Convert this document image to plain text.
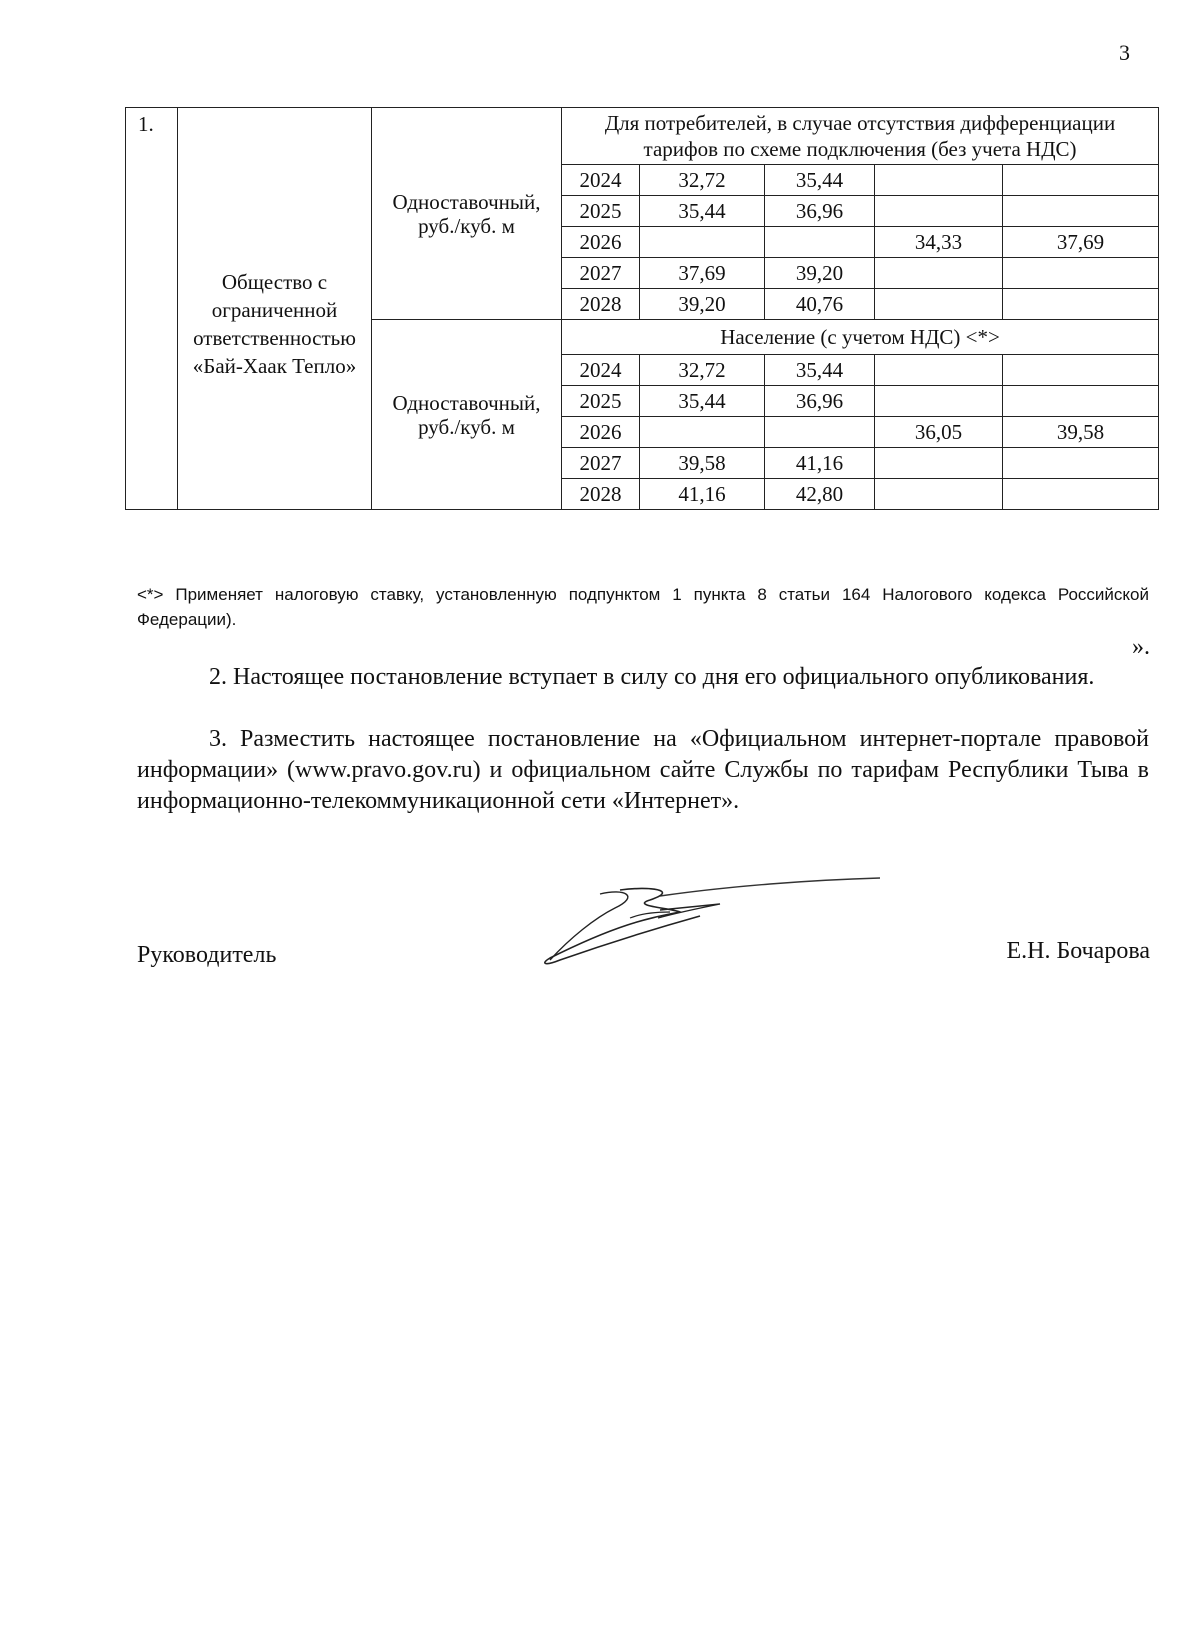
3
1.	Общество с ограниченной ответственностью «Бай-Хаак Тепло»	Одноставочный, руб./куб. м	Для потребителей, в случае отсутствия дифференциации тарифов по схеме подключения (без учета НДС)				
			2024	32,72	35,44		
			2025	35,44	36,96		
			2026			34,33	37,69
			2027	37,69	39,20		
			2028	39,20	40,76		
		Одноставочный, руб./куб. м	Население (с учетом НДС) <*>				
			2024	32,72	35,44		
			2025	35,44	36,96		
			2026			36,05	39,58
			2027	39,58	41,16		
			2028	41,16	42,80		
<*> Применяет налоговую ставку, установленную подпунктом 1 пункта 8 статьи 164 Налогового кодекса Российской Федерации).
».
2. Настоящее постановление вступает в силу со дня его официального опубликования.
3. Разместить настоящее постановление на «Официальном интернет-портале правовой информации» (www.pravo.gov.ru) и официальном сайте Службы по тарифам Республики Тыва в информационно-телекоммуникационной сети «Интернет».
Руководитель	Е.Н. Бочарова
